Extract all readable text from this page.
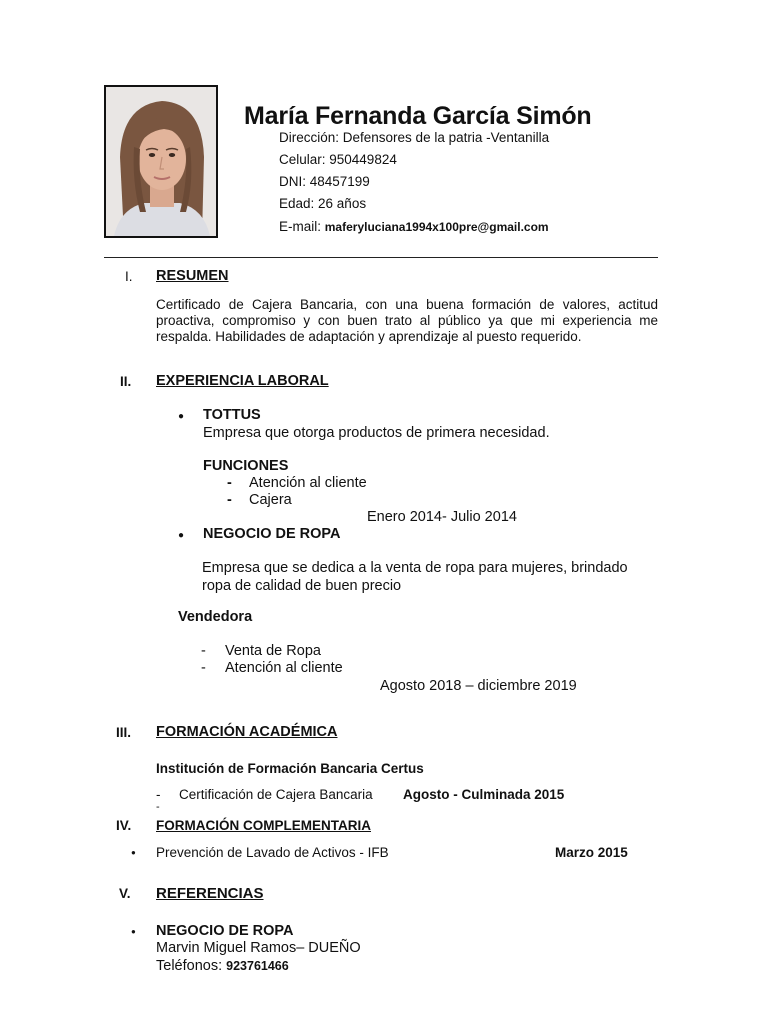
María Fernanda García Simón
Dirección: Defensores de la patria -Ventanilla
Celular: 950449824
DNI: 48457199
Edad: 26 años
E-mail: maferyluciana1994x100pre@gmail.com
I. RESUMEN
Certificado de Cajera Bancaria, con una buena formación de valores, actitud proactiva, compromiso y con buen trato al público ya que mi experiencia me respalda. Habilidades de adaptación y aprendizaje al puesto requerido.
II. EXPERIENCIA LABORAL
● TOTTUS
Empresa que otorga productos de primera necesidad.
FUNCIONES
- Atención al cliente
- Cajera
Enero 2014- Julio 2014
● NEGOCIO DE ROPA
Empresa que se dedica a la venta de ropa para mujeres, brindado
ropa de calidad de buen precio
Vendedora
- Venta de Ropa
- Atención al cliente
Agosto 2018 – diciembre 2019
III. FORMACIÓN ACADÉMICA
Institución de Formación Bancaria Certus
- Certificación de Cajera Bancaria Agosto - Culminada 2015
-
IV. FORMACIÓN COMPLEMENTARIA
● Prevención de Lavado de Activos - IFB	Marzo 2015
V. REFERENCIAS
● NEGOCIO DE ROPA
Marvin Miguel Ramos– DUEÑO
Teléfonos: 923761466
